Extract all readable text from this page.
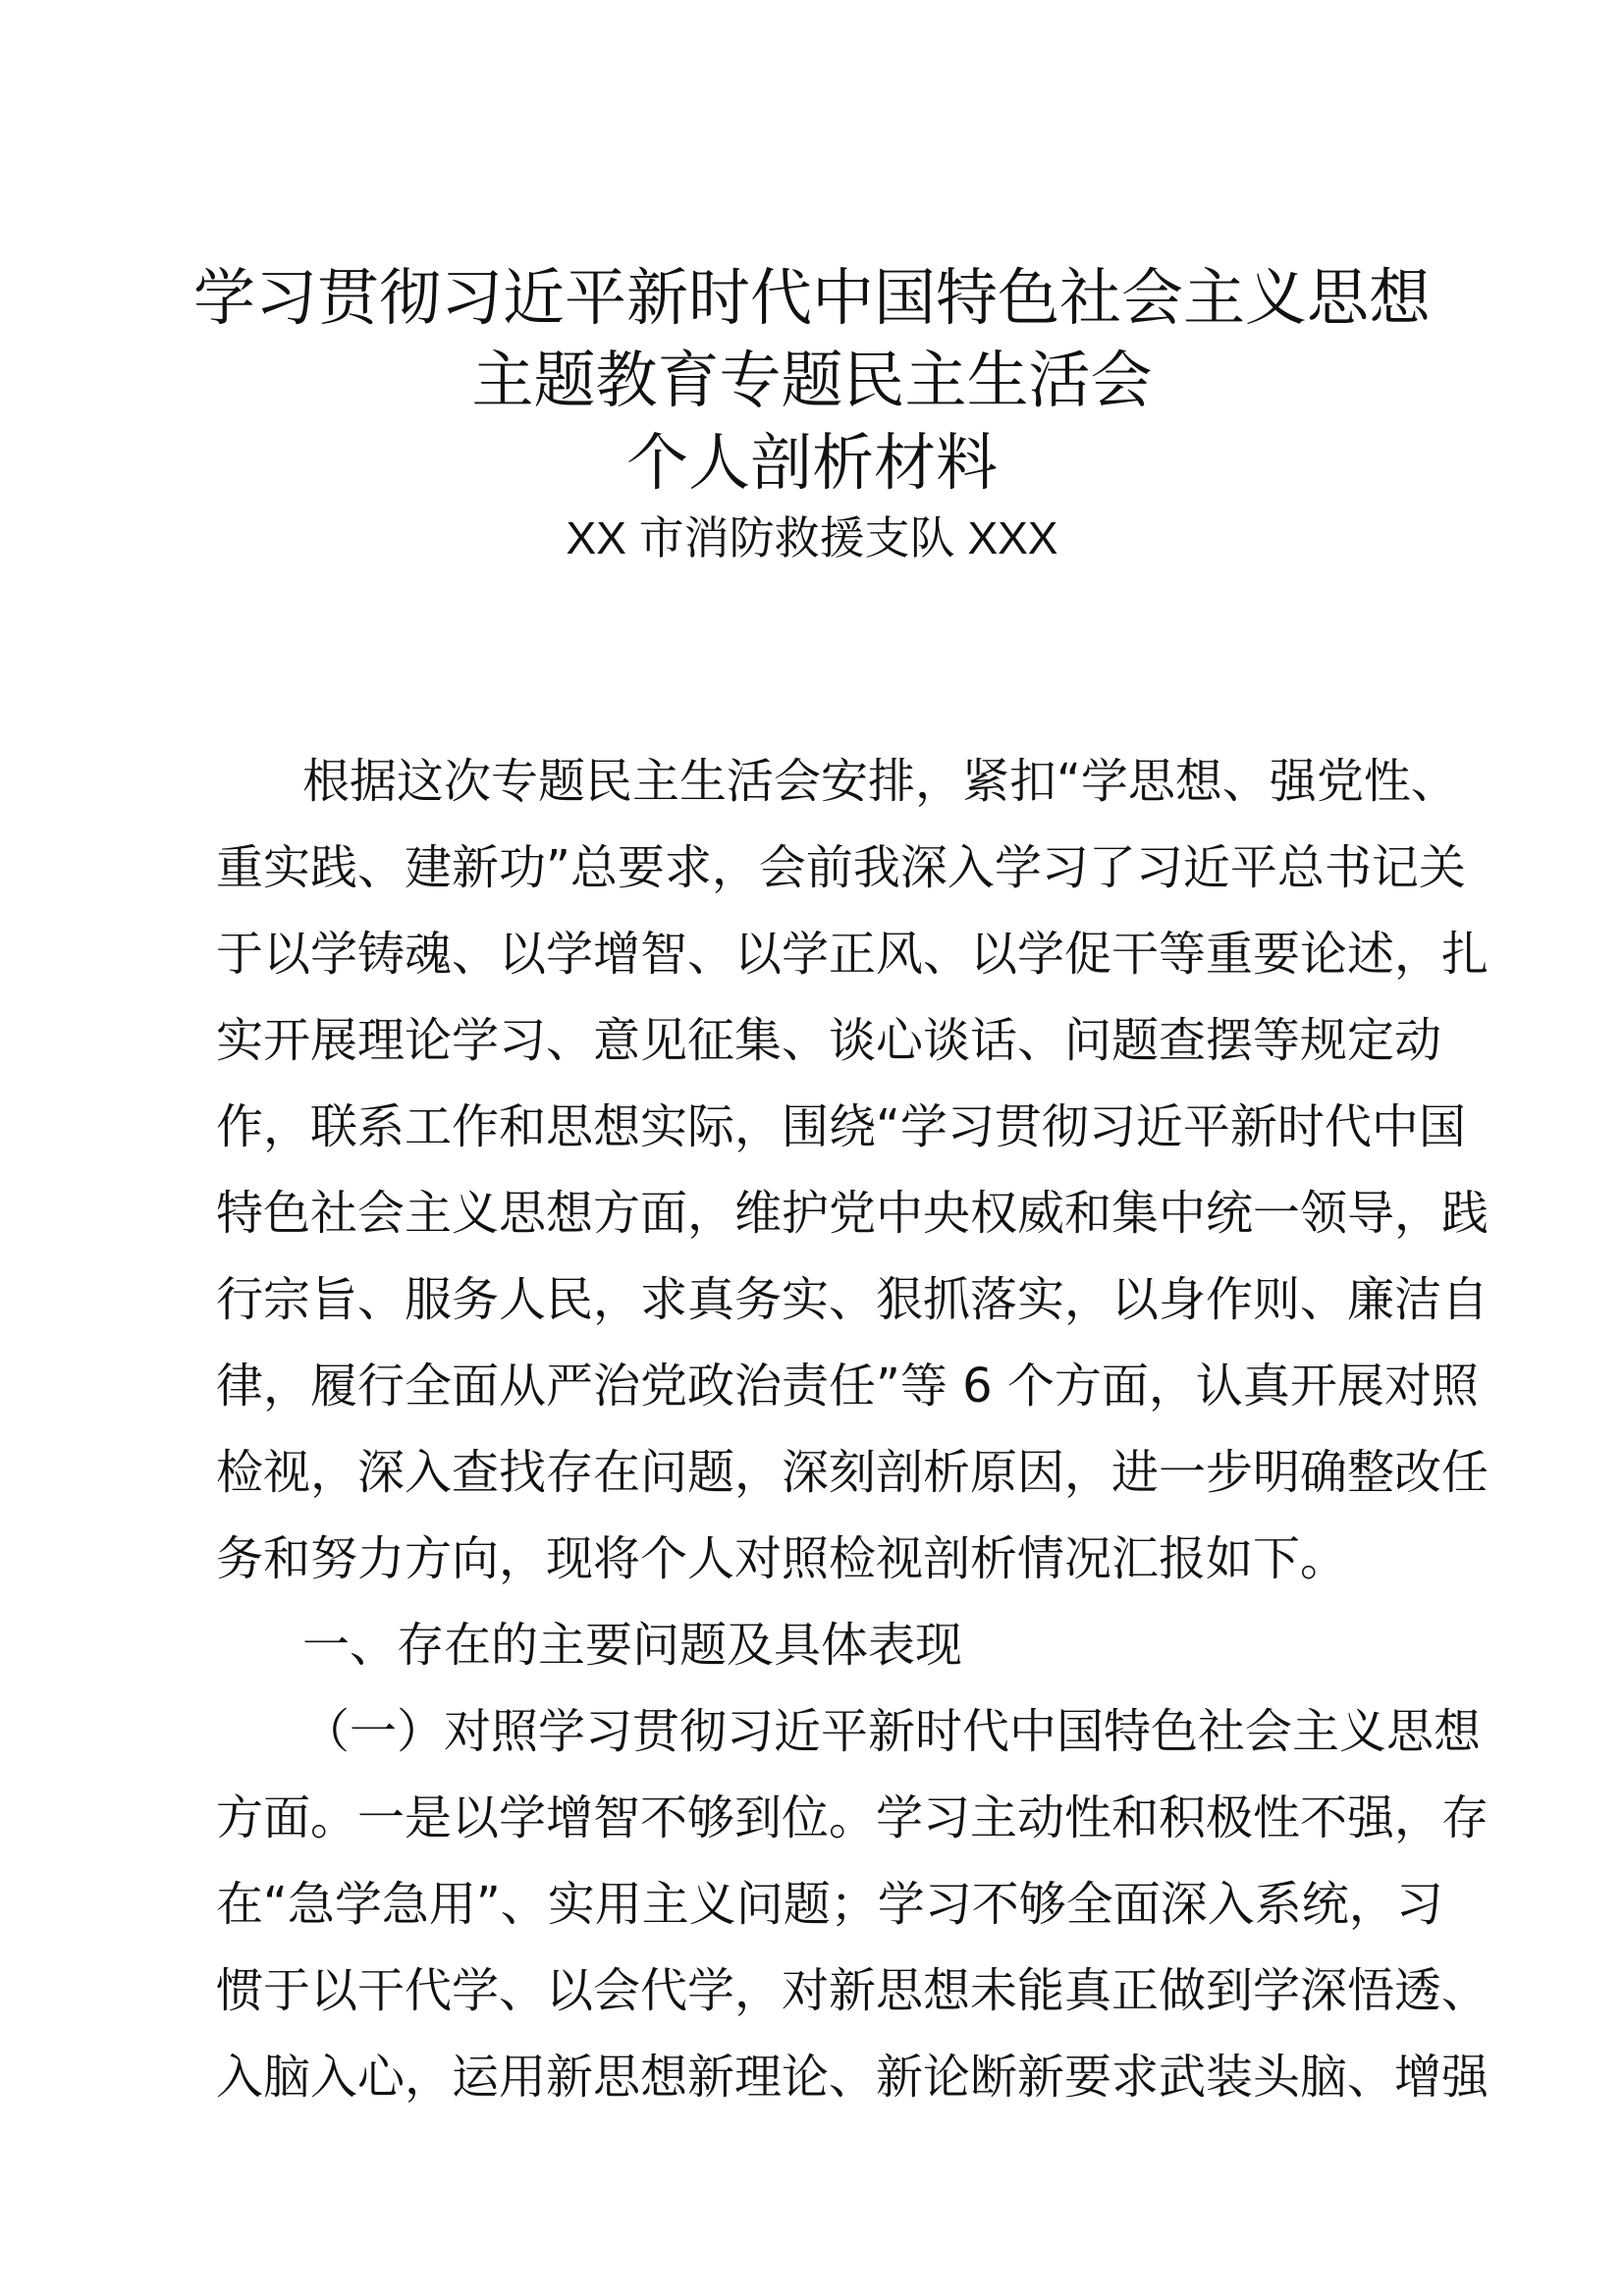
学习贯彻习近平新时代中国特色社会主义思想
主题教育专题民主生活会
个人剖析材料
XX 市消防救援支队 XXX
根据这次专题民主生活会安排，紧扣“学思想、强党性、
重实践、建新功”总要求，会前我深入学习了习近平总书记关
于以学铸魂、以学增智、以学正风、以学促干等重要论述，扎
实开展理论学习、意见征集、谈心谈话、问题查摆等规定动
作，联系工作和思想实际，围绕“学习贯彻习近平新时代中国
特色社会主义思想方面，维护党中央权威和集中统一领导，践
行宗旨、服务人民，求真务实、狠抓落实，以身作则、廉洁自
律，履行全面从严治党政治责任”等 6 个方面，认真开展对照
检视，深入查找存在问题，深刻剖析原因，进一步明确整改任
务和努力方向，现将个人对照检视剖析情况汇报如下。
一、存在的主要问题及具体表现
（一）对照学习贯彻习近平新时代中国特色社会主义思想
方面。一是以学增智不够到位。学习主动性和积极性不强，存
在“急学急用”、实用主义问题；学习不够全面深入系统，习
惯于以干代学、以会代学，对新思想未能真正做到学深悟透、
入脑入心，运用新思想新理论、新论断新要求武装头脑、增强
